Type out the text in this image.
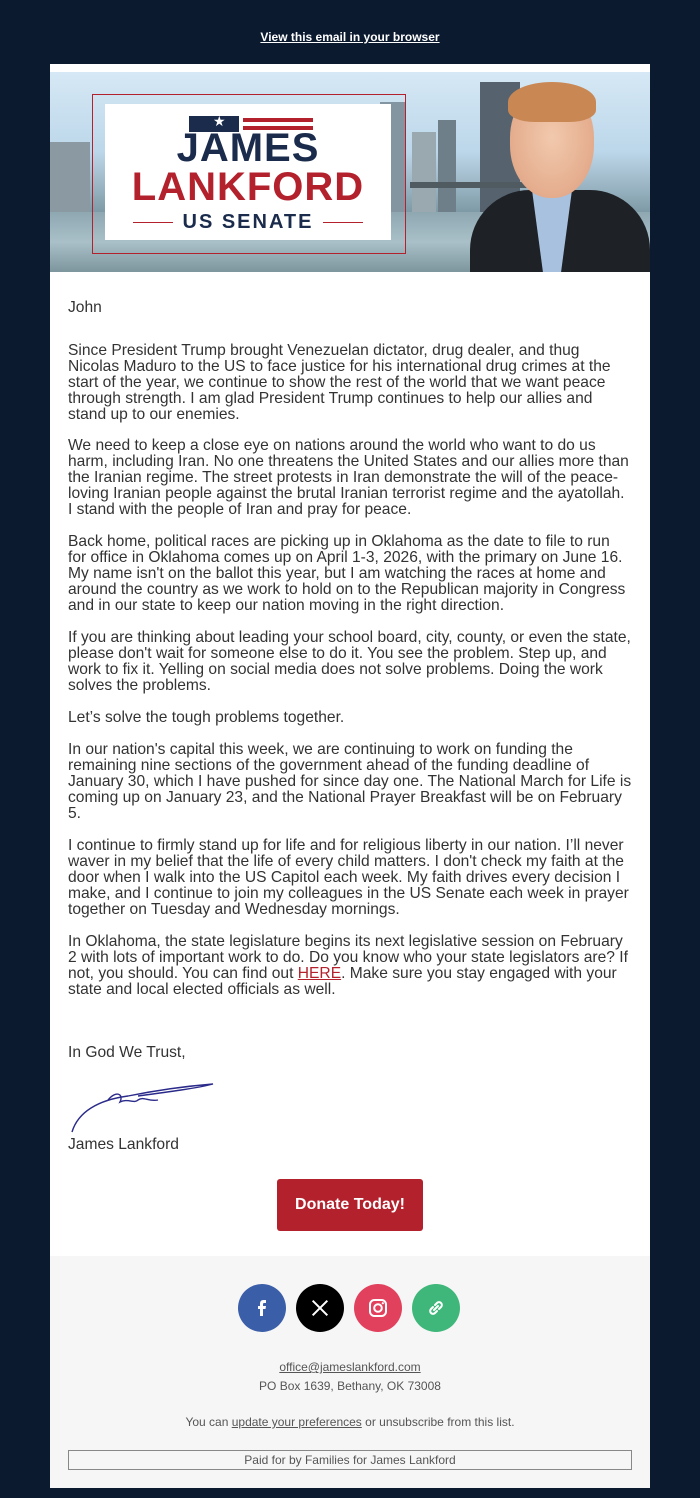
View this email in your browser
★
JAMES
LANKFORD
US SENATE
John
Since President Trump brought Venezuelan dictator, drug dealer, and thug Nicolas Maduro to the US to face justice for his international drug crimes at the start of the year, we continue to show the rest of the world that we want peace through strength. I am glad President Trump continues to help our allies and stand up to our enemies.
We need to keep a close eye on nations around the world who want to do us harm, including Iran. No one threatens the United States and our allies more than the Iranian regime. The street protests in Iran demonstrate the will of the peace-loving Iranian people against the brutal Iranian terrorist regime and the ayatollah. I stand with the people of Iran and pray for peace.
Back home, political races are picking up in Oklahoma as the date to file to run for office in Oklahoma comes up on April 1-3, 2026, with the primary on June 16. My name isn't on the ballot this year, but I am watching the races at home and around the country as we work to hold on to the Republican majority in Congress and in our state to keep our nation moving in the right direction.
If you are thinking about leading your school board, city, county, or even the state, please don't wait for someone else to do it. You see the problem. Step up, and work to fix it. Yelling on social media does not solve problems. Doing the work solves the problems.
Let’s solve the tough problems together.
In our nation's capital this week, we are continuing to work on funding the remaining nine sections of the government ahead of the funding deadline of January 30, which I have pushed for since day one. The National March for Life is coming up on January 23, and the National Prayer Breakfast will be on February 5.
I continue to firmly stand up for life and for religious liberty in our nation. I’ll never waver in my belief that the life of every child matters. I don't check my faith at the door when I walk into the US Capitol each week. My faith drives every decision I make, and I continue to join my colleagues in the US Senate each week in prayer together on Tuesday and Wednesday mornings.
In Oklahoma, the state legislature begins its next legislative session on February 2 with lots of important work to do. Do you know who your state legislators are? If not, you should. You can find out HERE. Make sure you stay engaged with your state and local elected officials as well.
In God We Trust,
James Lankford
Donate Today!
office@jameslankford.com
PO Box 1639, Bethany, OK 73008
You can update your preferences or unsubscribe from this list.
Paid for by Families for James Lankford
